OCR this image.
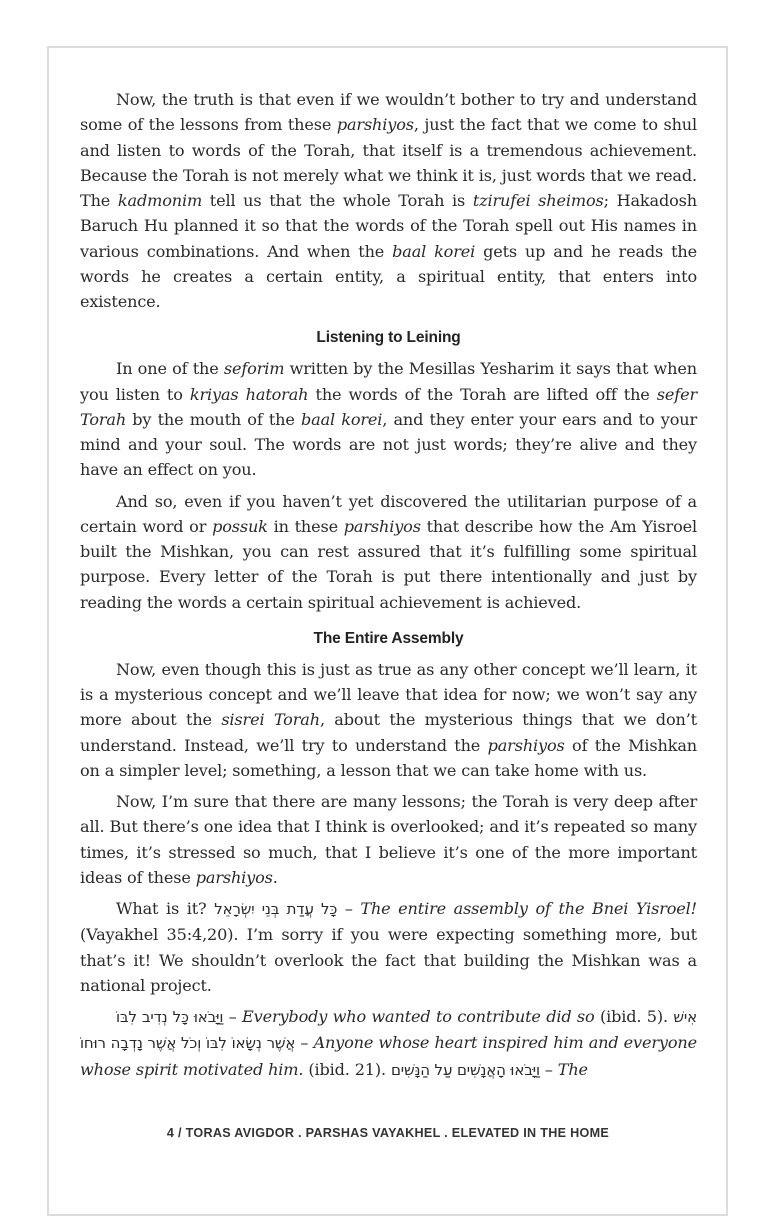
Now, the truth is that even if we wouldn’t bother to try and understand some of the lessons from these parshiyos, just the fact that we come to shul and listen to words of the Torah, that itself is a tremendous achievement. Because the Torah is not merely what we think it is, just words that we read. The kadmonim tell us that the whole Torah is tzirufei sheimos; Hakadosh Baruch Hu planned it so that the words of the Torah spell out His names in various combinations. And when the baal korei gets up and he reads the words he creates a certain entity, a spiritual entity, that enters into existence.

Listening to Leining

In one of the seforim written by the Mesillas Yesharim it says that when you listen to kriyas hatorah the words of the Torah are lifted off the sefer Torah by the mouth of the baal korei, and they enter your ears and to your mind and your soul. The words are not just words; they’re alive and they have an effect on you.

And so, even if you haven’t yet discovered the utilitarian purpose of a certain word or possuk in these parshiyos that describe how the Am Yisroel built the Mishkan, you can rest assured that it’s fulfilling some spiritual purpose. Every letter of the Torah is put there intentionally and just by reading the words a certain spiritual achievement is achieved.

The Entire Assembly

Now, even though this is just as true as any other concept we’ll learn, it is a mysterious concept and we’ll leave that idea for now; we won’t say any more about the sisrei Torah, about the mysterious things that we don’t understand. Instead, we’ll try to understand the parshiyos of the Mishkan on a simpler level; something, a lesson that we can take home with us.

Now, I’m sure that there are many lessons; the Torah is very deep after all. But there’s one idea that I think is overlooked; and it’s repeated so many times, it’s stressed so much, that I believe it’s one of the more important ideas of these parshiyos.

What is it? כָּל עֲדַת בְּנֵי יִשְׂרָאֵל – The entire assembly of the Bnei Yisroel! (Vayakhel 35:4,20). I’m sorry if you were expecting something more, but that’s it! We shouldn’t overlook the fact that building the Mishkan was a national project.

וַיָּבֹאוּ כָּל נְדִיב לִבּוֹ – Everybody who wanted to contribute did so (ibid. 5). אִישׁ אֲשֶׁר נְשָׂאוֹ לִבּוֹ וְכֹל אֲשֶׁר נָדְבָה רוּחוֹ – Anyone whose heart inspired him and everyone whose spirit motivated him. (ibid. 21). וַיָּבֹאוּ הָאֲנָשִׁים עַל הַנָּשִׁים – The

4 / TORAS AVIGDOR . PARSHAS VAYAKHEL . ELEVATED IN THE HOME
